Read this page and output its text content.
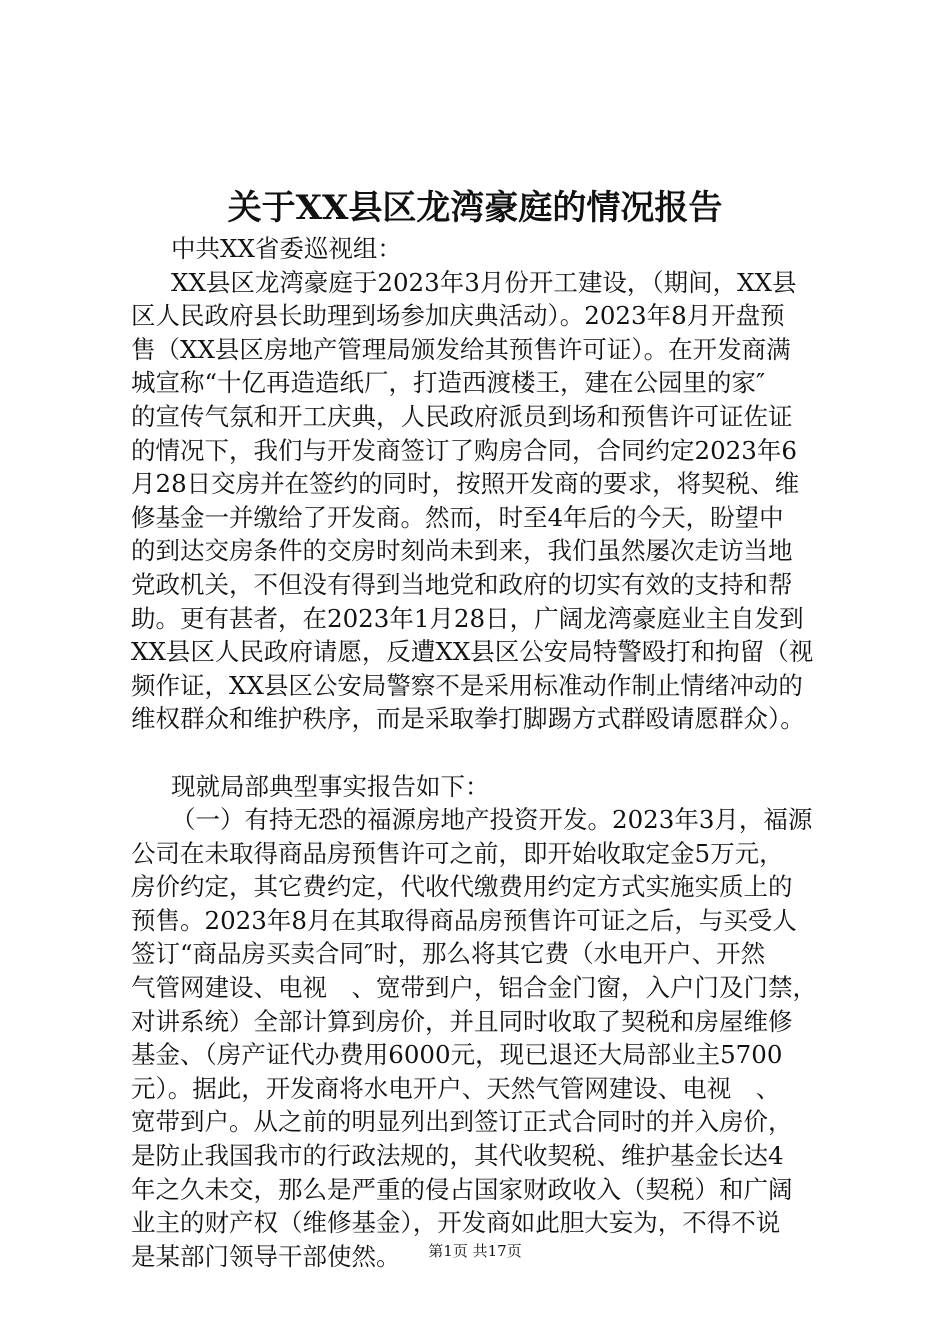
关于XX县区龙湾豪庭的情况报告
中共XX省委巡视组：
XX县区龙湾豪庭于2023年3月份开工建设，（期间，XX县
区人民政府县长助理到场参加庆典活动）。2023年8月开盘预
售（XX县区房地产管理局颁发给其预售许可证）。在开发商满
城宣称“十亿再造造纸厂，打造西渡楼王，建在公园里的家″
的宣传气氛和开工庆典，人民政府派员到场和预售许可证佐证
的情况下，我们与开发商签订了购房合同，合同约定2023年6
月28日交房并在签约的同时，按照开发商的要求，将契税、维
修基金一并缴给了开发商。然而，时至4年后的今天，盼望中
的到达交房条件的交房时刻尚未到来，我们虽然屡次走访当地
党政机关，不但没有得到当地党和政府的切实有效的支持和帮
助。更有甚者，在2023年1月28日，广阔龙湾豪庭业主自发到
XX县区人民政府请愿，反遭XX县区公安局特警殴打和拘留（视
频作证，XX县区公安局警察不是采用标准动作制止情绪冲动的
维权群众和维护秩序，而是采取拳打脚踢方式群殴请愿群众）。
现就局部典型事实报告如下：
（一）有持无恐的福源房地产投资开发。2023年3月，福源
公司在未取得商品房预售许可之前，即开始收取定金5万元，
房价约定，其它费约定，代收代缴费用约定方式实施实质上的
预售。2023年8月在其取得商品房预售许可证之后，与买受人
签订“商品房买卖合同″时，那么将其它费（水电开户、开然
气管网建设、电视　、宽带到户，铝合金门窗，入户门及门禁，
对讲系统）全部计算到房价，并且同时收取了契税和房屋维修
基金、（房产证代办费用6000元，现已退还大局部业主5700
元）。据此，开发商将水电开户、天然气管网建设、电视　、
宽带到户。从之前的明显列出到签订正式合同时的并入房价，
是防止我国我市的行政法规的，其代收契税、维护基金长达4
年之久未交，那么是严重的侵占国家财政收入（契税）和广阔
业主的财产权（维修基金），开发商如此胆大妄为，不得不说
是某部门领导干部使然。	第1页 共17页
